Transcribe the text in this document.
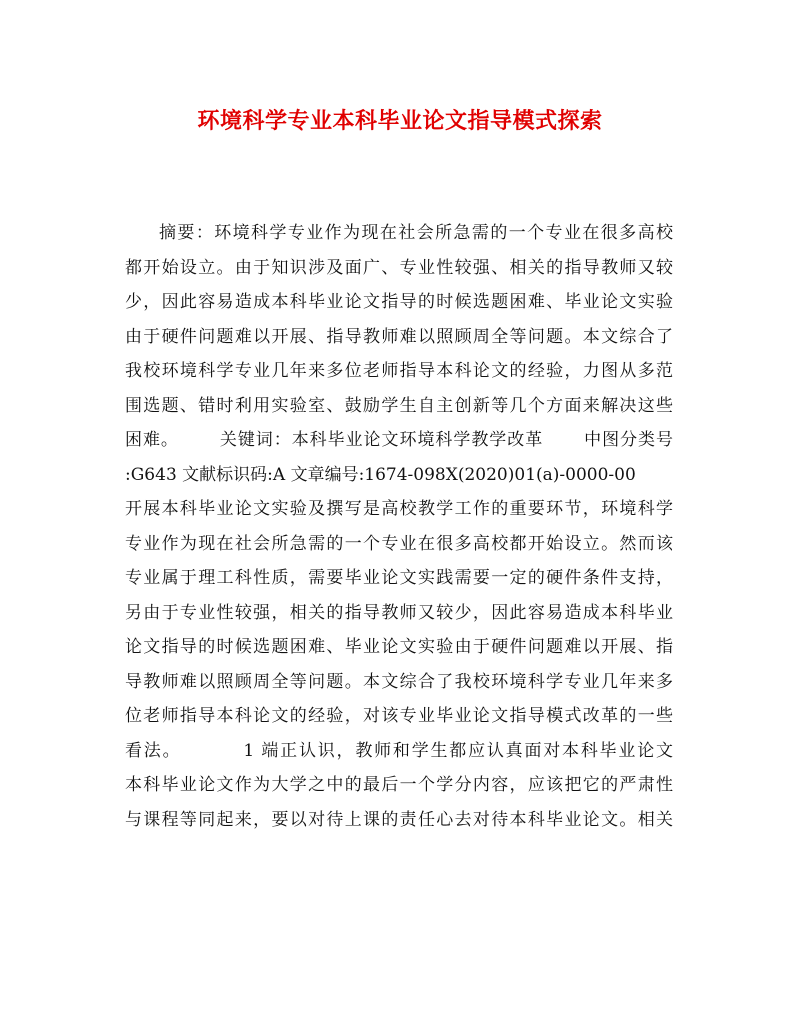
环境科学专业本科毕业论文指导模式探索
摘要：环境科学专业作为现在社会所急需的一个专业在很多高校
都开始设立。由于知识涉及面广、专业性较强、相关的指导教师又较
少，因此容易造成本科毕业论文指导的时候选题困难、毕业论文实验
由于硬件问题难以开展、指导教师难以照顾周全等问题。本文综合了
我校环境科学专业几年来多位老师指导本科论文的经验，力图从多范
围选题、错时利用实验室、鼓励学生自主创新等几个方面来解决这些
困难。 关键词：本科毕业论文环境科学教学改革 中图分类号
:G643 文献标识码:A 文章编号:1674-098X(2020)01(a)-0000-00
开展本科毕业论文实验及撰写是高校教学工作的重要环节，环境科学
专业作为现在社会所急需的一个专业在很多高校都开始设立。然而该
专业属于理工科性质，需要毕业论文实践需要一定的硬件条件支持，
另由于专业性较强，相关的指导教师又较少，因此容易造成本科毕业
论文指导的时候选题困难、毕业论文实验由于硬件问题难以开展、指
导教师难以照顾周全等问题。本文综合了我校环境科学专业几年来多
位老师指导本科论文的经验，对该专业毕业论文指导模式改革的一些
看法。	1 端正认识，教师和学生都应认真面对本科毕业论文
本科毕业论文作为大学之中的最后一个学分内容，应该把它的严肃性
与课程等同起来，要以对待上课的责任心去对待本科毕业论文。相关
